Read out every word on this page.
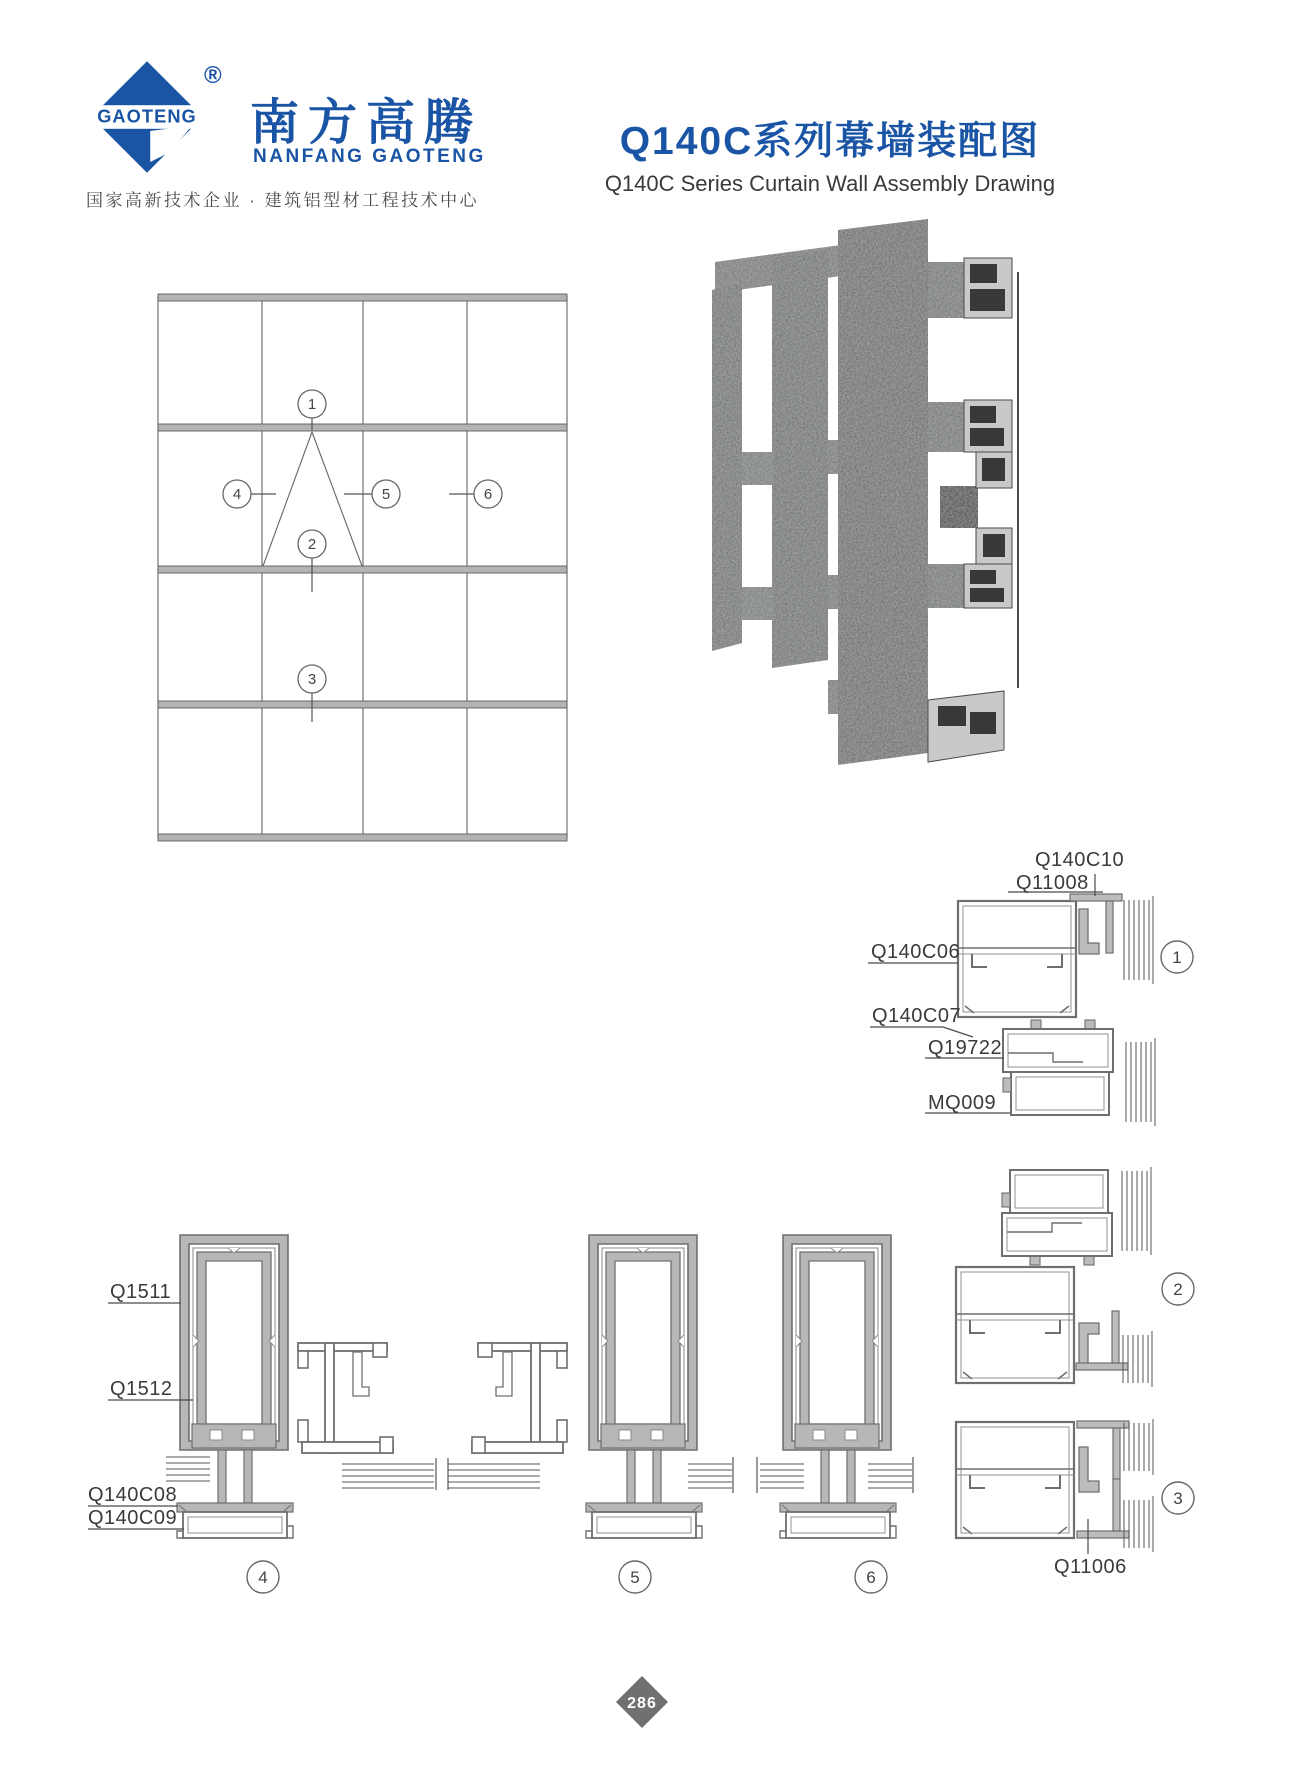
GAOTENG
®
南方高腾
NANFANG GAOTENG
国家高新技术企业 · 建筑铝型材工程技术中心
Q140C系列幕墙装配图
Q140C Series Curtain Wall Assembly Drawing
1
2
3
4	5	6
1
2
3
4	5	6
286
Q140C10
Q11008
Q140C06
Q140C07
Q19722
MQ009
Q1511
Q1512
Q140C08
Q140C09
Q11006
